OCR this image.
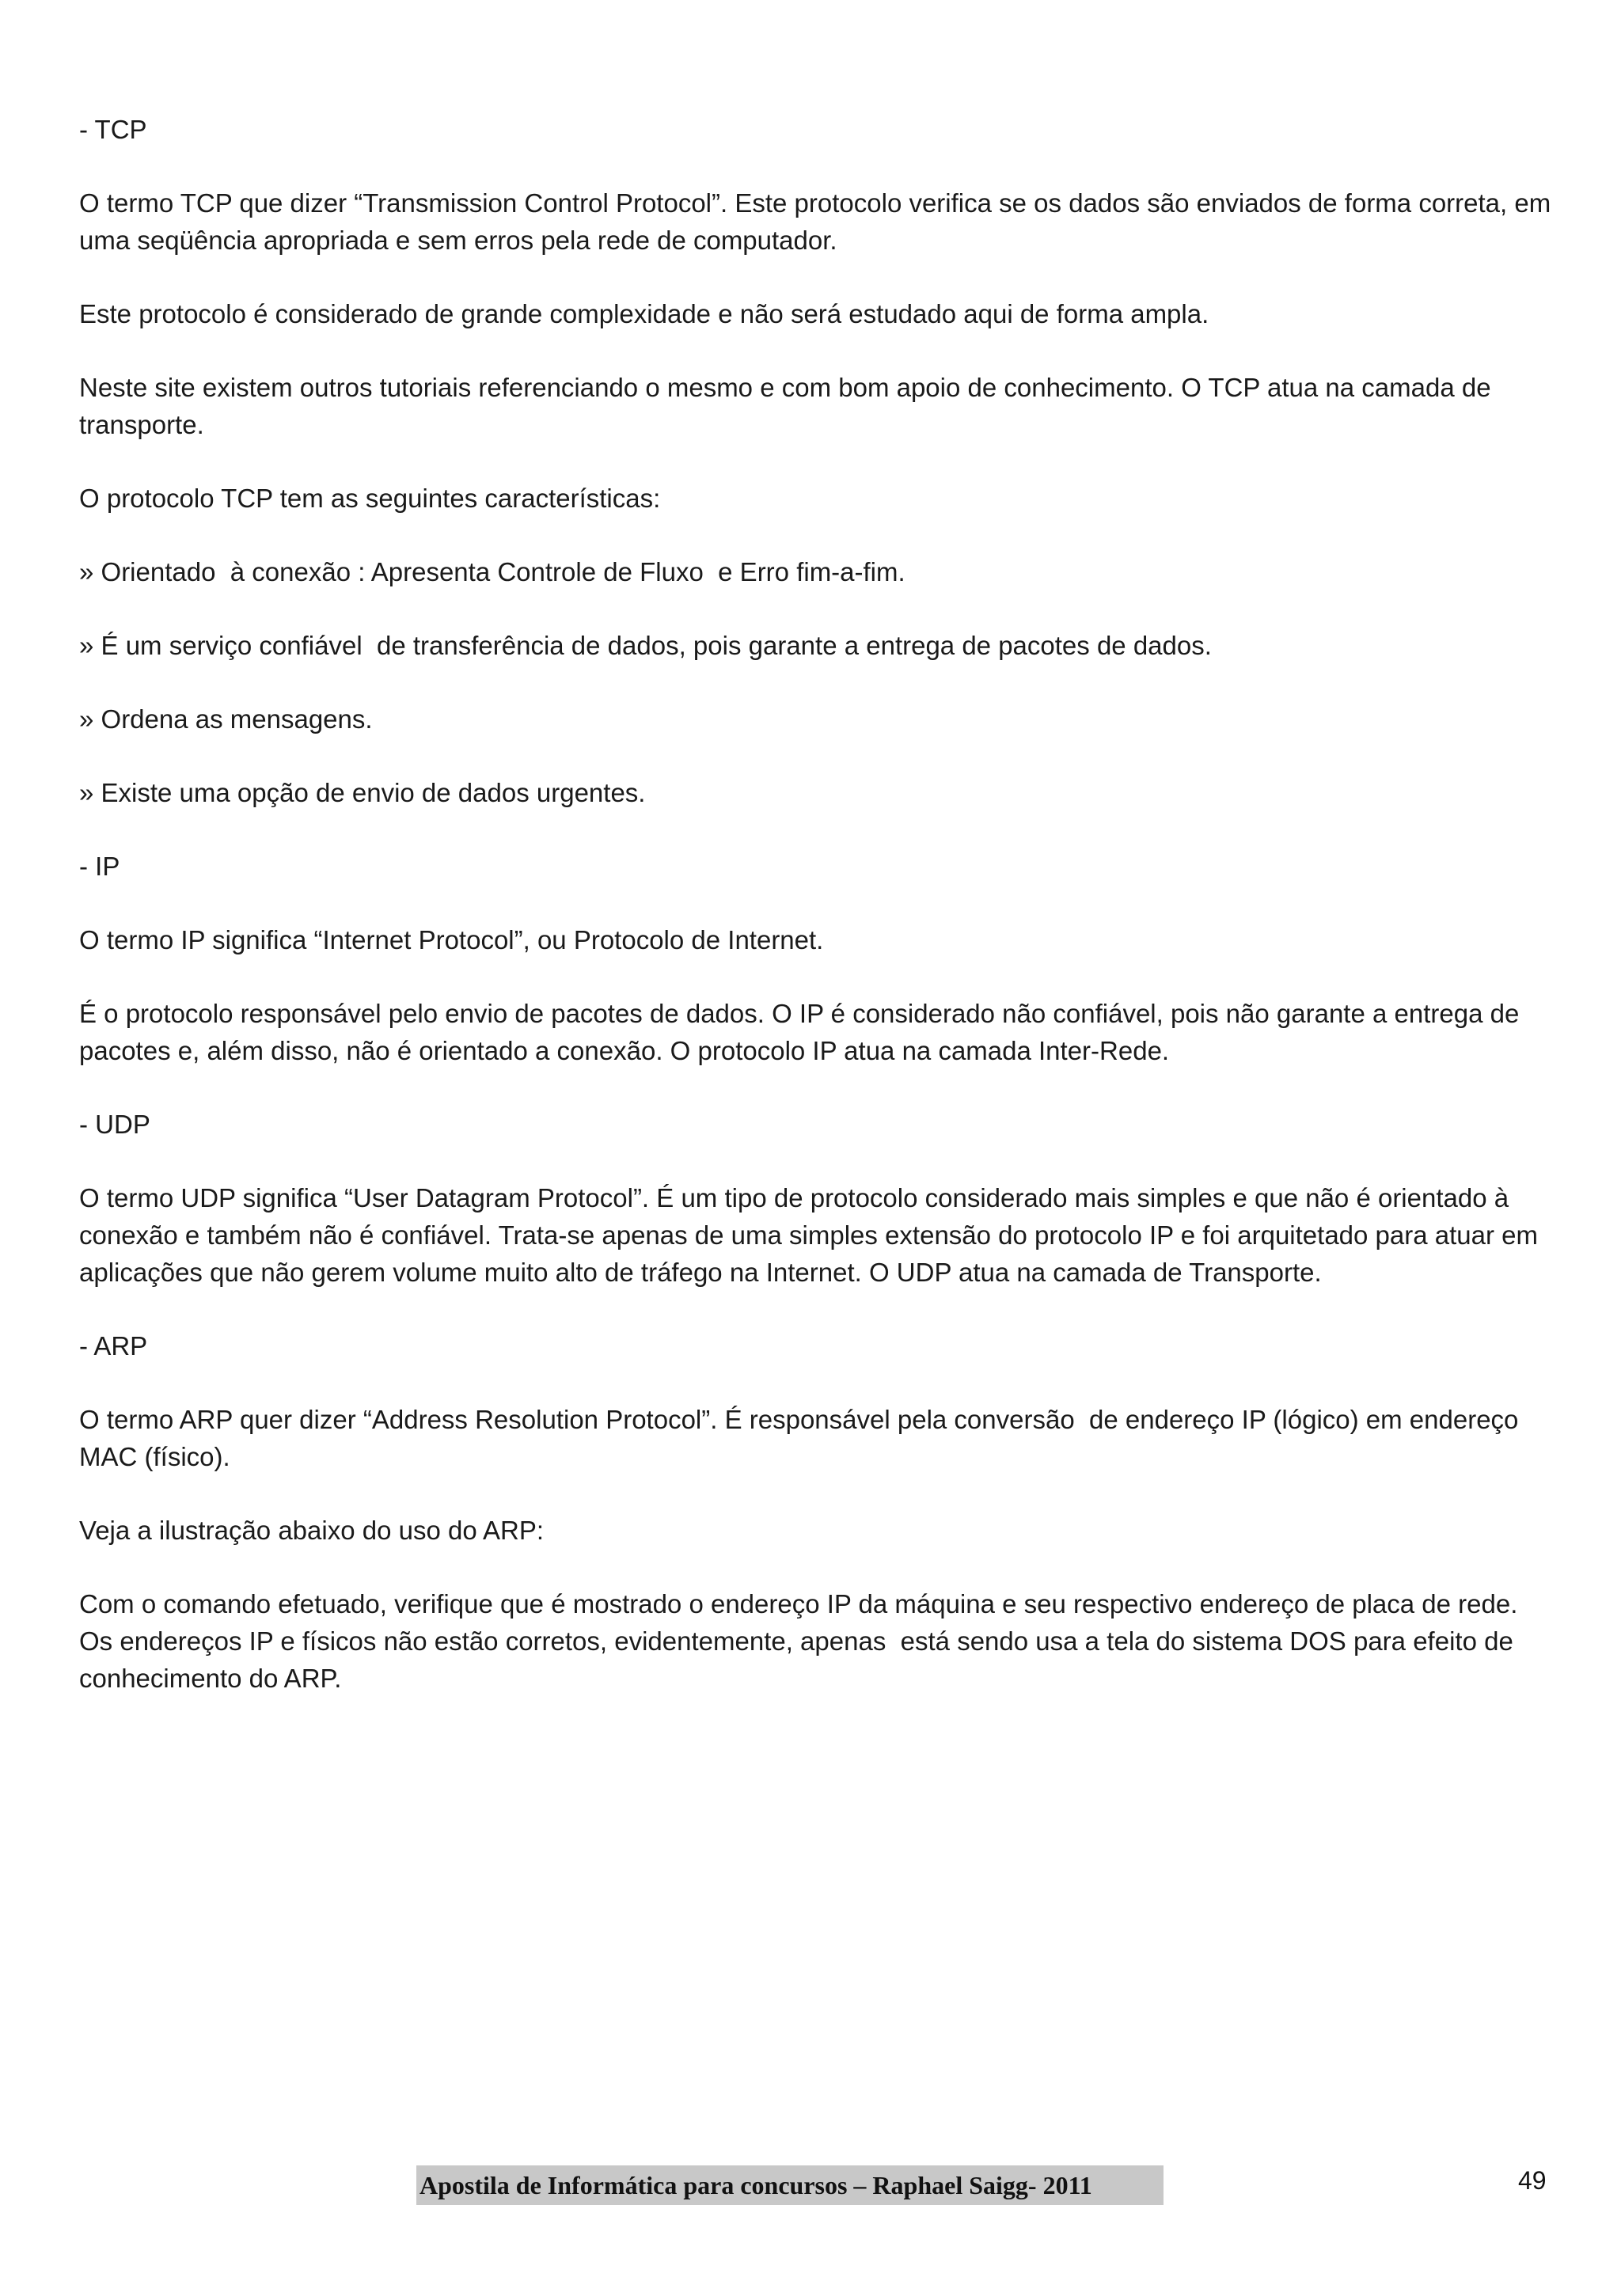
- TCP

O termo TCP que dizer “Transmission Control Protocol”. Este protocolo verifica se os dados são enviados de forma correta, em uma seqüência apropriada e sem erros pela rede de computador.

Este protocolo é considerado de grande complexidade e não será estudado aqui de forma ampla.

Neste site existem outros tutoriais referenciando o mesmo e com bom apoio de conhecimento. O TCP atua na camada de transporte.

O protocolo TCP tem as seguintes características:

» Orientado  à conexão : Apresenta Controle de Fluxo  e Erro fim-a-fim.

» É um serviço confiável  de transferência de dados, pois garante a entrega de pacotes de dados.

» Ordena as mensagens.

» Existe uma opção de envio de dados urgentes.

- IP

O termo IP significa “Internet Protocol”, ou Protocolo de Internet.

É o protocolo responsável pelo envio de pacotes de dados. O IP é considerado não confiável, pois não garante a entrega de pacotes e, além disso, não é orientado a conexão. O protocolo IP atua na camada Inter-Rede.

- UDP

O termo UDP significa “User Datagram Protocol”. É um tipo de protocolo considerado mais simples e que não é orientado à conexão e também não é confiável. Trata-se apenas de uma simples extensão do protocolo IP e foi arquitetado para atuar em aplicações que não gerem volume muito alto de tráfego na Internet. O UDP atua na camada de Transporte.

- ARP

O termo ARP quer dizer “Address Resolution Protocol”. É responsável pela conversão  de endereço IP (lógico) em endereço MAC (físico).

Veja a ilustração abaixo do uso do ARP:

Com o comando efetuado, verifique que é mostrado o endereço IP da máquina e seu respectivo endereço de placa de rede. Os endereços IP e físicos não estão corretos, evidentemente, apenas  está sendo usa a tela do sistema DOS para efeito de conhecimento do ARP.

Apostila de Informática para concursos – Raphael Saigg- 2011	49
